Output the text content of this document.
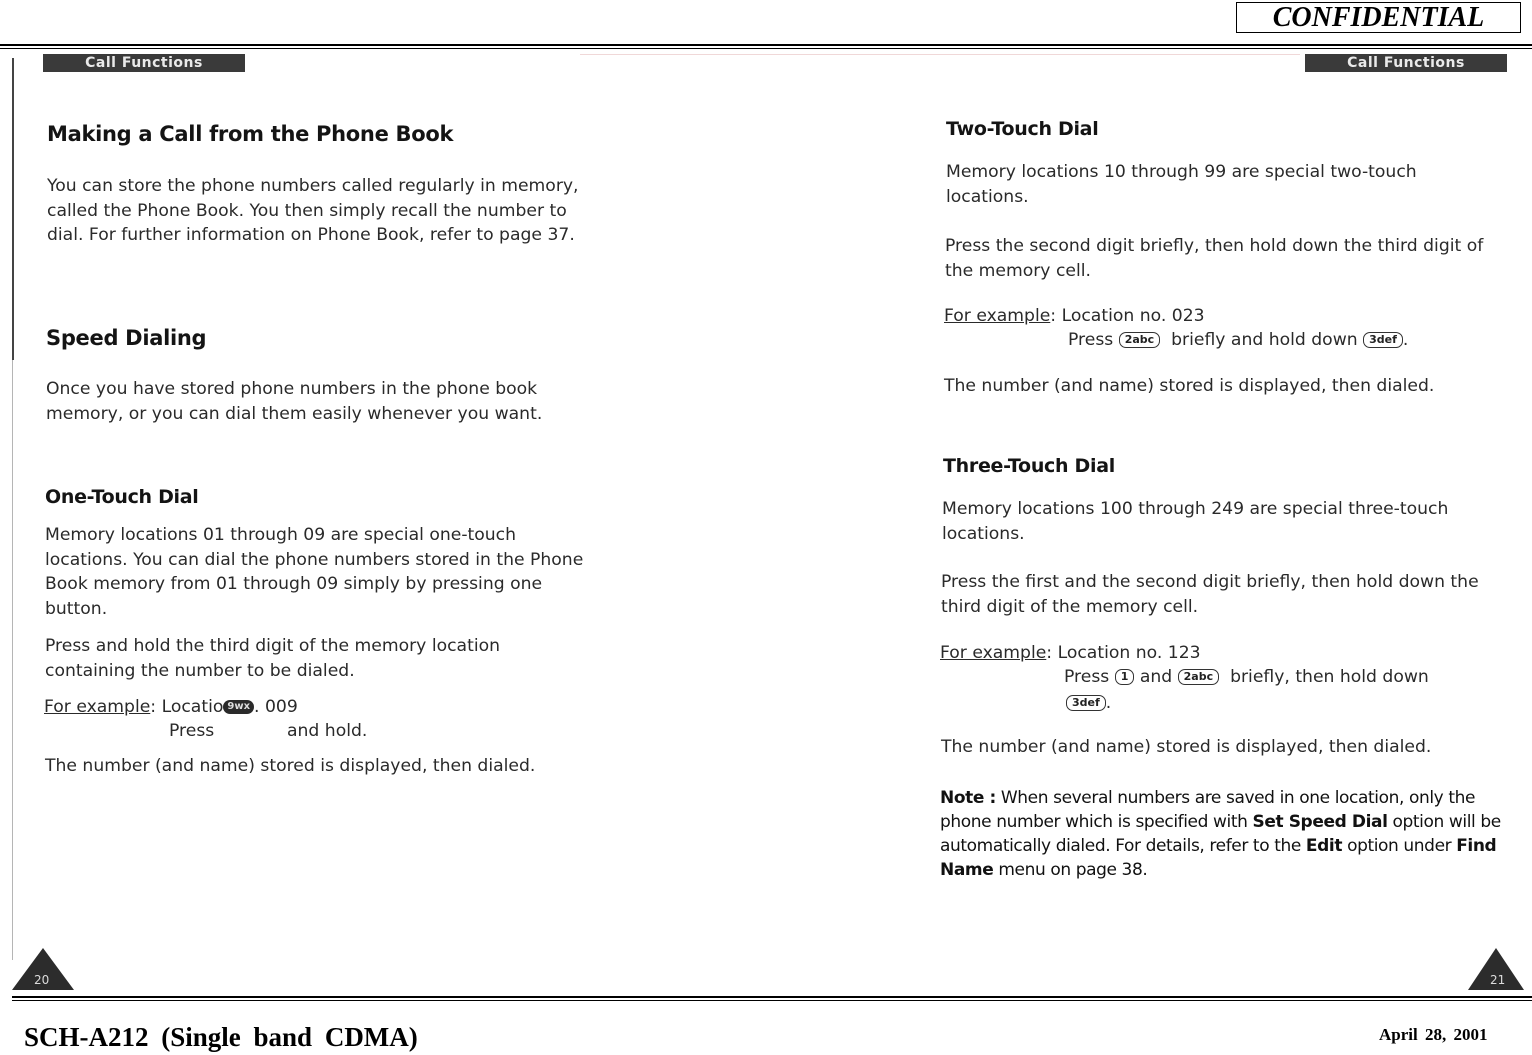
CONFIDENTIAL
Call Functions
Making a Call from the Phone Book

You can store the phone numbers called regularly in memory, called the Phone Book. You then simply recall the number to dial. For further information on Phone Book, refer to page 37.

Speed Dialing

Once you have stored phone numbers in the phone book memory, or you can dial them easily whenever you want.

One-Touch Dial

Memory locations 01 through 09 are special one-touch locations. You can dial the phone numbers stored in the Phone Book memory from 01 through 09 simply by pressing one button.

Press and hold the third digit of the memory location containing the number to be dialed.

For example: Locatio 9wx . 009
Press	and hold.
The number (and name) stored is displayed, then dialed.
20
Call Functions
Two-Touch Dial

Memory locations 10 through 99 are special two-touch locations.

Press the second digit briefly, then hold down the third digit of the memory cell.

For example: Location no. 023
Press 2abc briefly and hold down 3def .
The number (and name) stored is displayed, then dialed.
Three-Touch Dial

Memory locations 100 through 249 are special three-touch locations.

Press the first and the second digit briefly, then hold down the third digit of the memory cell.

For example: Location no. 123
Press 1 and 2abc briefly, then hold down
3def .
The number (and name) stored is displayed, then dialed.

Note : When several numbers are saved in one location, only the phone number which is specified with Set Speed Dial option will be automatically dialed. For details, refer to the Edit option under Find Name menu on page 38.

21
SCH-A212 (Single band CDMA)	April 28, 2001
